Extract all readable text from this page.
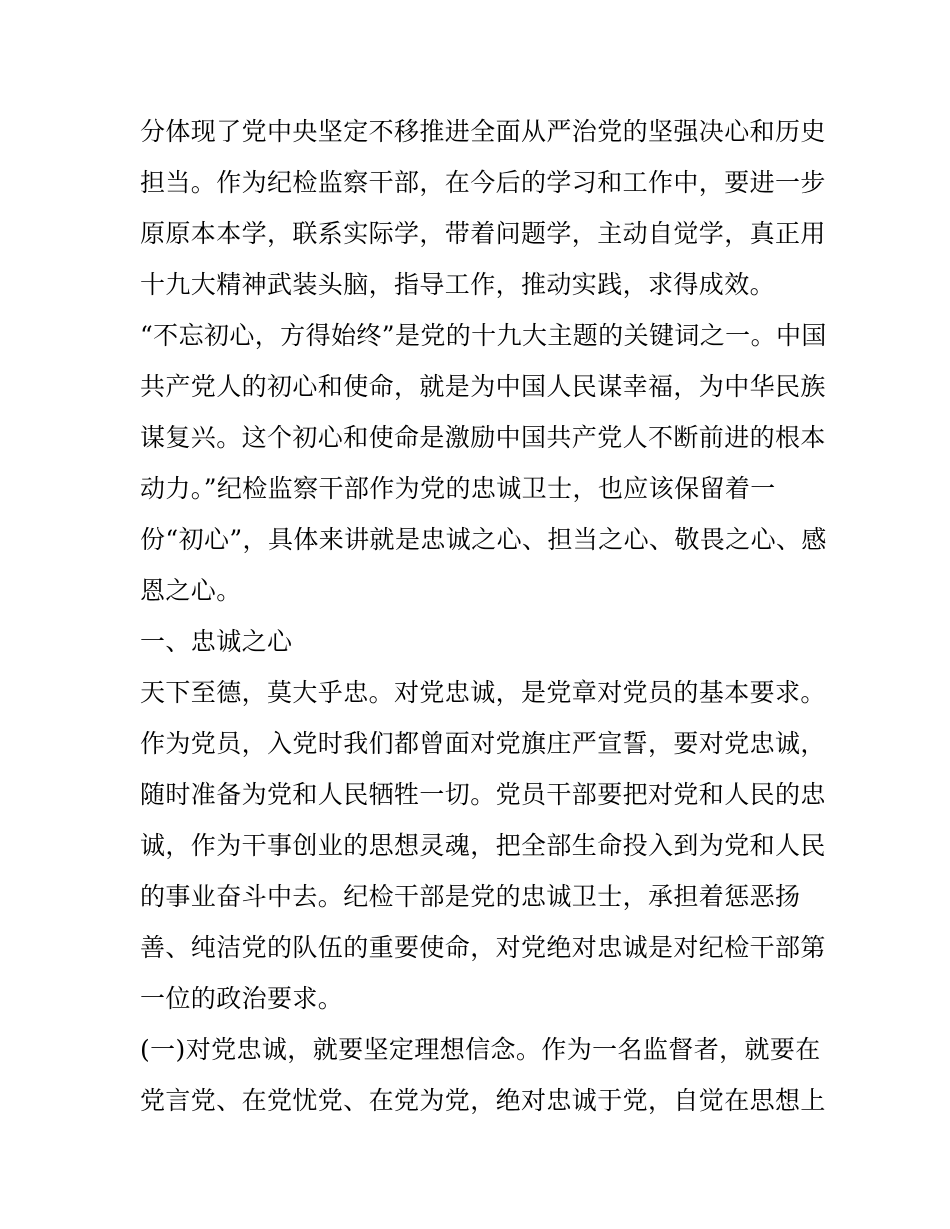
分体现了党中央坚定不移推进全面从严治党的坚强决心和历史
担当。作为纪检监察干部，在今后的学习和工作中，要进一步
原原本本学，联系实际学，带着问题学，主动自觉学，真正用
十九大精神武装头脑，指导工作，推动实践，求得成效。
“不忘初心，方得始终”是党的十九大主题的关键词之一。中国
共产党人的初心和使命，就是为中国人民谋幸福，为中华民族
谋复兴。这个初心和使命是激励中国共产党人不断前进的根本
动力。”纪检监察干部作为党的忠诚卫士，也应该保留着一
份“初心”，具体来讲就是忠诚之心、担当之心、敬畏之心、感
恩之心。
一、忠诚之心
天下至德，莫大乎忠。对党忠诚，是党章对党员的基本要求。
作为党员，入党时我们都曾面对党旗庄严宣誓，要对党忠诚，
随时准备为党和人民牺牲一切。党员干部要把对党和人民的忠
诚，作为干事创业的思想灵魂，把全部生命投入到为党和人民
的事业奋斗中去。纪检干部是党的忠诚卫士，承担着惩恶扬
善、纯洁党的队伍的重要使命，对党绝对忠诚是对纪检干部第
一位的政治要求。
(一)对党忠诚，就要坚定理想信念。作为一名监督者，就要在
党言党、在党忧党、在党为党，绝对忠诚于党，自觉在思想上
